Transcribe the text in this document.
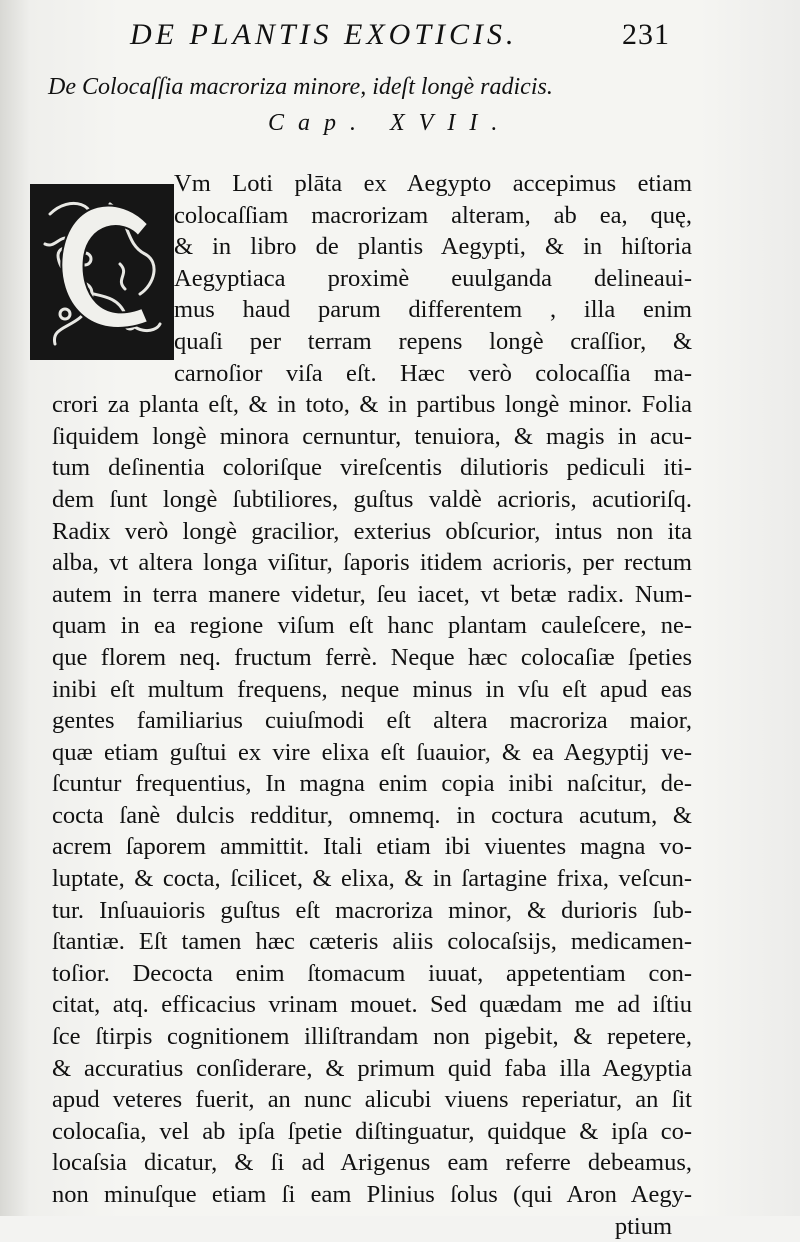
DE PLANTIS EXOTICIS.	231
De Colocaſſia macroriza minore, ideſt longè radicis.
Cap. XVII.
Vm Loti plāta ex Aegypto accepimus etiam
colocaſſiam macrorizam alteram, ab ea, quę,
& in libro de plantis Aegypti, & in hiſtoria
Aegyptiaca proximè euulganda delineaui-
mus haud parum differentem , illa enim
quaſi per terram repens longè craſſior, &
carnoſior viſa eſt. Hæc verò colocaſſia ma-
crori za planta eſt, & in toto, & in partibus longè minor. Folia
ſiquidem longè minora cernuntur, tenuiora, & magis in acu-
tum deſinentia coloriſque vireſcentis dilutioris pediculi iti-
dem ſunt longè ſubtiliores, guſtus valdè acrioris, acutioriſq.
Radix verò longè gracilior, exterius obſcurior, intus non ita
alba, vt altera longa viſitur, ſaporis itidem acrioris, per rectum
autem in terra manere videtur, ſeu iacet, vt betæ radix. Num-
quam in ea regione viſum eſt hanc plantam cauleſcere, ne-
que florem neq. fructum ferrè. Neque hæc colocaſiæ ſpeties
inibi eſt multum frequens, neque minus in vſu eſt apud eas
gentes familiarius cuiuſmodi eſt altera macroriza maior,
quæ etiam guſtui ex vire elixa eſt ſuauior, & ea Aegyptij ve-
ſcuntur frequentius, In magna enim copia inibi naſcitur, de-
cocta ſanè dulcis redditur, omnemq. in coctura acutum, &
acrem ſaporem ammittit. Itali etiam ibi viuentes magna vo-
luptate, & cocta, ſcilicet, & elixa, & in ſartagine frixa, veſcun-
tur. Inſuauioris guſtus eſt macroriza minor, & durioris ſub-
ſtantiæ. Eſt tamen hæc cæteris aliis colocaſsijs, medicamen-
toſior. Decocta enim ſtomacum iuuat, appetentiam con-
citat, atq. efficacius vrinam mouet. Sed quædam me ad iſtiu
ſce ſtirpis cognitionem illiſtrandam non pigebit, & repetere,
& accuratius conſiderare, & primum quid faba illa Aegyptia
apud veteres fuerit, an nunc alicubi viuens reperiatur, an ſit
colocaſia, vel ab ipſa ſpetie diſtinguatur, quidque & ipſa co-
locaſsia dicatur, & ſi ad Arigenus eam referre debeamus,
non minuſque etiam ſi eam Plinius ſolus (qui Aron Aegy-
ptium
